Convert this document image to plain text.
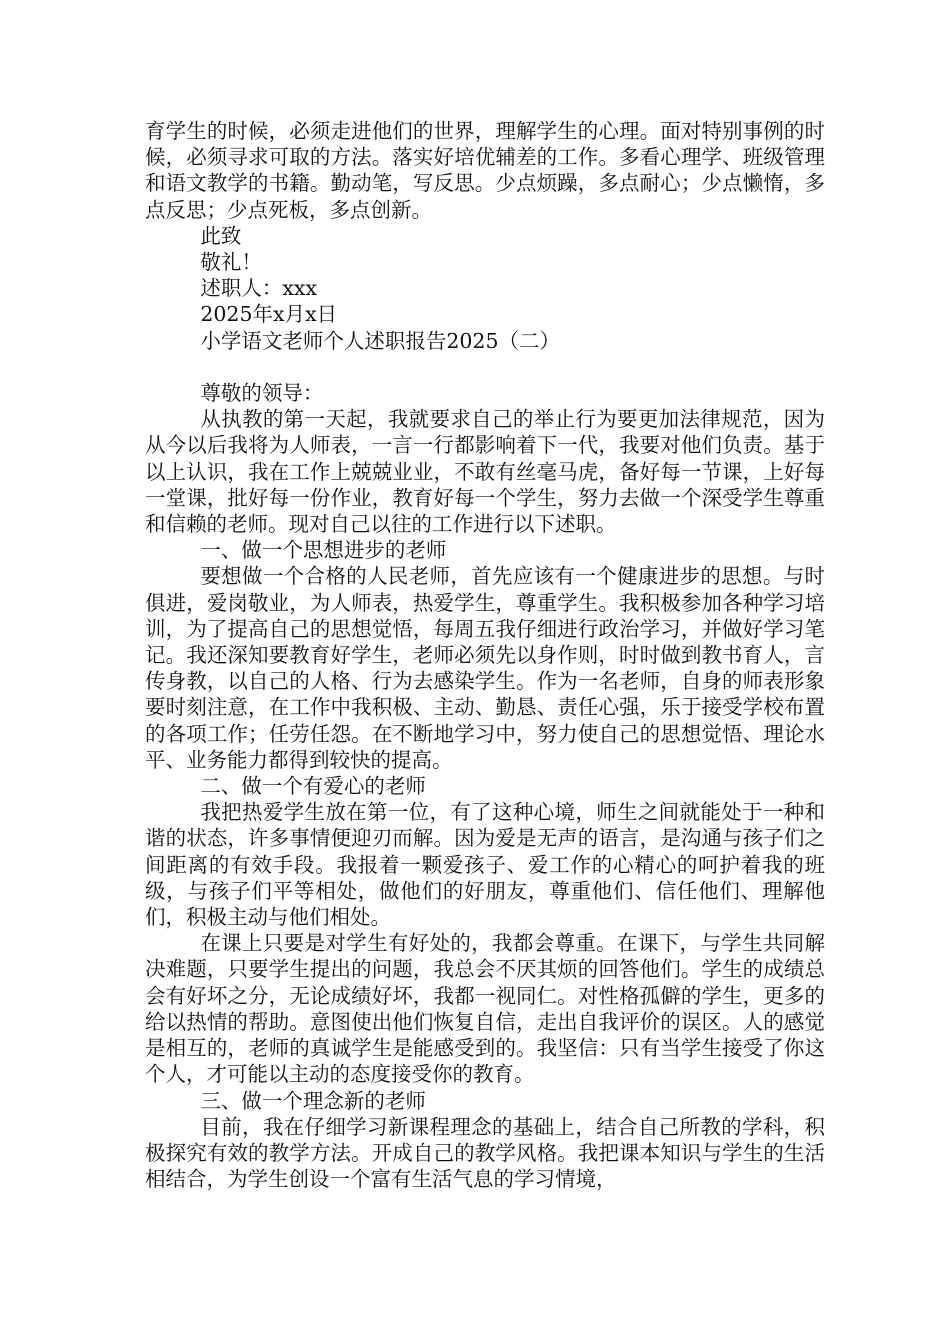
育学生的时候，必须走进他们的世界，理解学生的心理。面对特别事例的时候，必须寻求可取的方法。落实好培优辅差的工作。多看心理学、班级管理和语文教学的书籍。勤动笔，写反思。少点烦躁，多点耐心；少点懒惰，多点反思；少点死板，多点创新。

此致

敬礼！

述职人：xxx

2025年x月x日

小学语文老师个人述职报告2025（二）

尊敬的领导：

从执教的第一天起，我就要求自己的举止行为要更加法律规范，因为从今以后我将为人师表，一言一行都影响着下一代，我要对他们负责。基于以上认识，我在工作上兢兢业业，不敢有丝毫马虎，备好每一节课，上好每一堂课，批好每一份作业，教育好每一个学生，努力去做一个深受学生尊重和信赖的老师。现对自己以往的工作进行以下述职。

一、做一个思想进步的老师

要想做一个合格的人民老师，首先应该有一个健康进步的思想。与时俱进，爱岗敬业，为人师表，热爱学生，尊重学生。我积极参加各种学习培训，为了提高自己的思想觉悟，每周五我仔细进行政治学习，并做好学习笔记。我还深知要教育好学生，老师必须先以身作则，时时做到教书育人，言传身教，以自己的人格、行为去感染学生。作为一名老师，自身的师表形象要时刻注意，在工作中我积极、主动、勤恳、责任心强，乐于接受学校布置的各项工作；任劳任怨。在不断地学习中，努力使自己的思想觉悟、理论水平、业务能力都得到较快的提高。

二、做一个有爱心的老师

我把热爱学生放在第一位，有了这种心境，师生之间就能处于一种和谐的状态，许多事情便迎刃而解。因为爱是无声的语言，是沟通与孩子们之间距离的有效手段。我报着一颗爱孩子、爱工作的心精心的呵护着我的班级，与孩子们平等相处，做他们的好朋友，尊重他们、信任他们、理解他们，积极主动与他们相处。

在课上只要是对学生有好处的，我都会尊重。在课下，与学生共同解决难题，只要学生提出的问题，我总会不厌其烦的回答他们。学生的成绩总会有好坏之分，无论成绩好坏，我都一视同仁。对性格孤僻的学生，更多的给以热情的帮助。意图使出他们恢复自信，走出自我评价的误区。人的感觉是相互的，老师的真诚学生是能感受到的。我坚信：只有当学生接受了你这个人，才可能以主动的态度接受你的教育。

三、做一个理念新的老师

目前，我在仔细学习新课程理念的基础上，结合自己所教的学科，积极探究有效的教学方法。开成自己的教学风格。我把课本知识与学生的生活相结合，为学生创设一个富有生活气息的学习情境，
